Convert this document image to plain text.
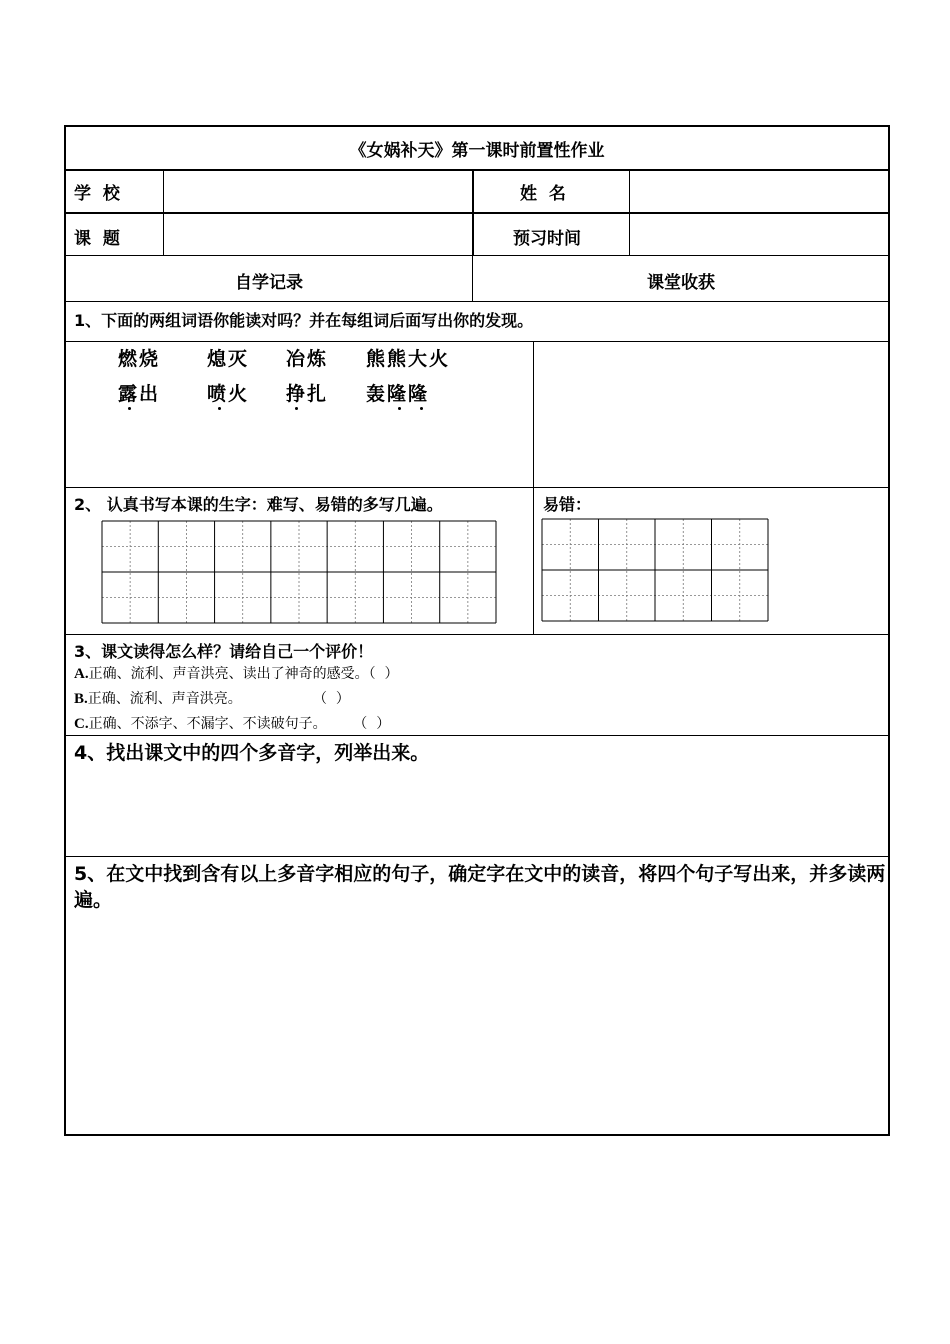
《女娲补天》第一课时前置性作业
学  校	姓  名
课  题	预习时间
自学记录	课堂收获
1、下面的两组词语你能读对吗？并在每组词后面写出你的发现。
燃烧 熄灭 冶炼 熊熊大火
露出 喷火 挣扎 轰隆隆
2、 认真书写本课的生字：难写、易错的多写几遍。	易错：
3、课文读得怎么样？请给自己一个评价！
A.正确、流利、声音洪亮、读出了神奇的感受。（  ）
B.正确、流利、声音洪亮。                （  ）
C.正确、不添字、不漏字、不读破句子。      （  ）
4、找出课文中的四个多音字，列举出来。
5、在文中找到含有以上多音字相应的句子，确定字在文中的读音，将四个句子写出来，并多读两遍。
